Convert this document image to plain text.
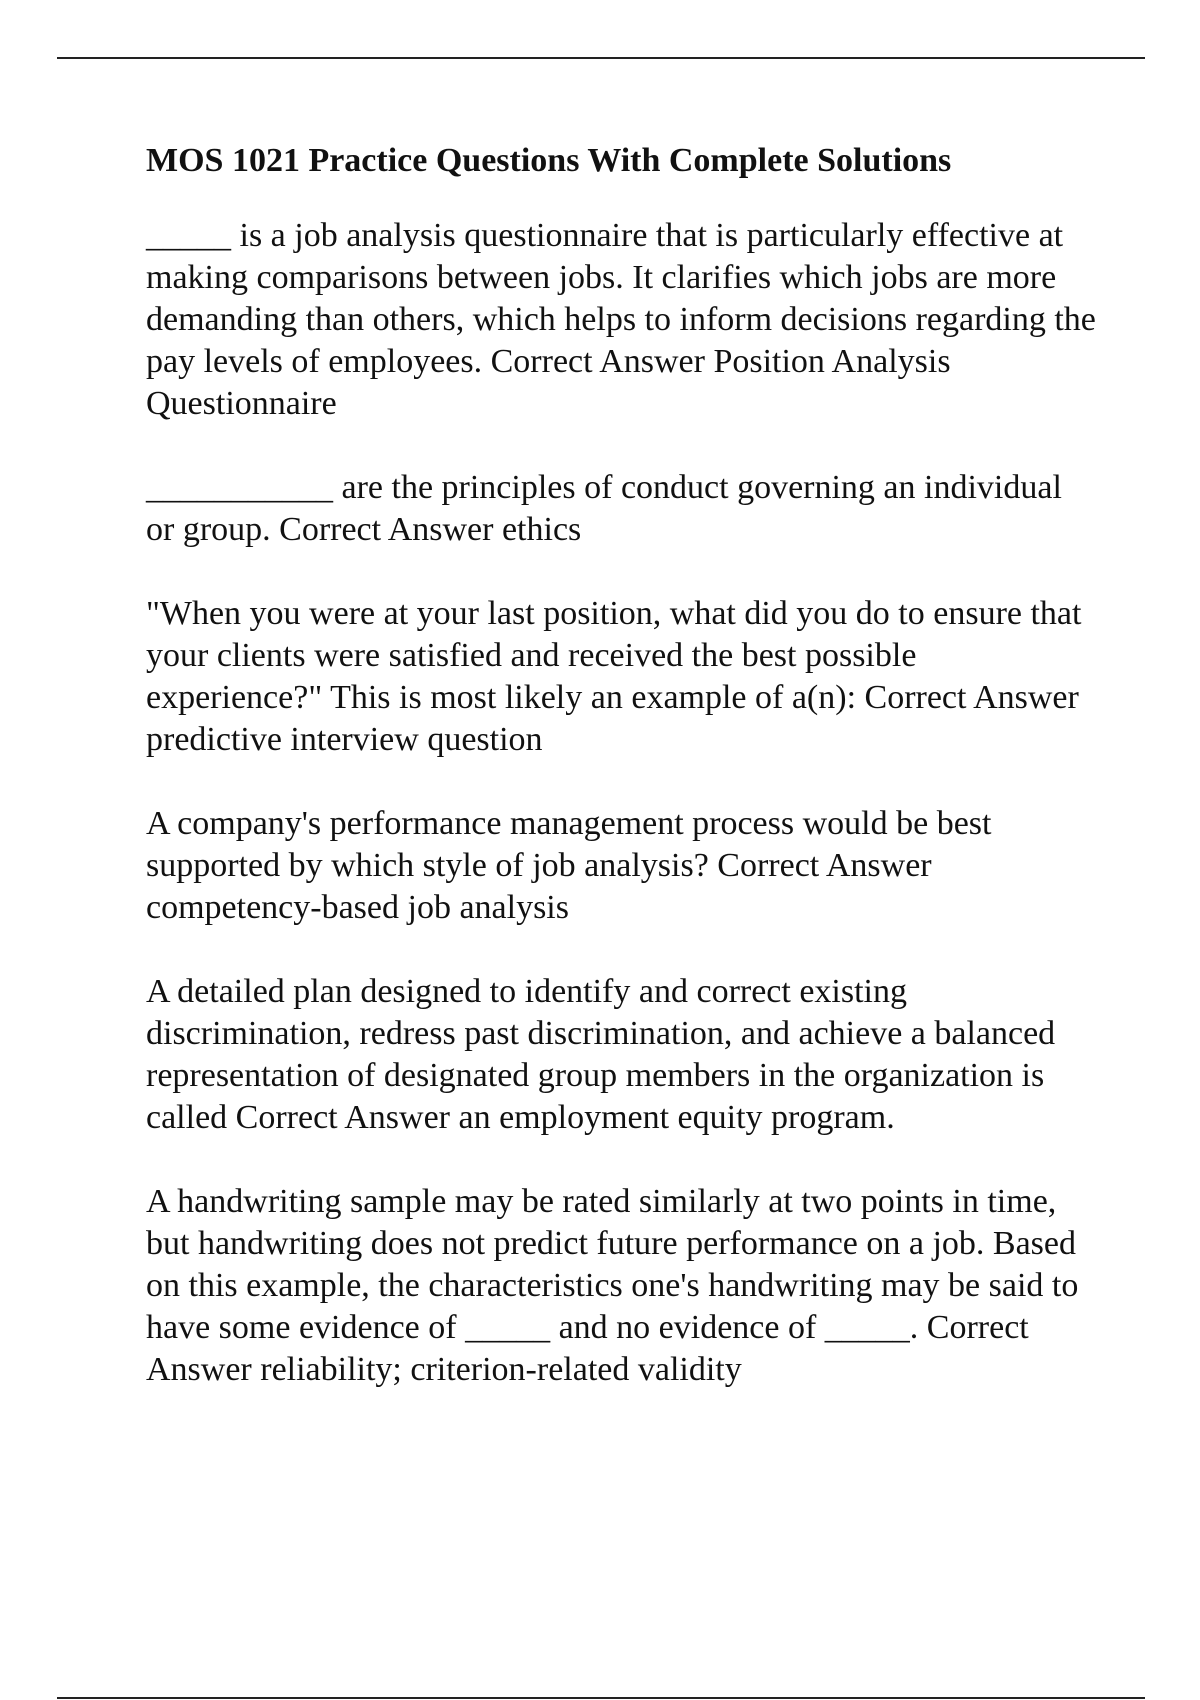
MOS 1021 Practice Questions With Complete Solutions

_____ is a job analysis questionnaire that is particularly effective at making comparisons between jobs. It clarifies which jobs are more demanding than others, which helps to inform decisions regarding the pay levels of employees. Correct Answer Position Analysis Questionnaire

___________ are the principles of conduct governing an individual or group. Correct Answer ethics

"When you were at your last position, what did you do to ensure that your clients were satisfied and received the best possible experience?" This is most likely an example of a(n): Correct Answer predictive interview question

A company's performance management process would be best supported by which style of job analysis? Correct Answer competency-based job analysis

A detailed plan designed to identify and correct existing discrimination, redress past discrimination, and achieve a balanced representation of designated group members in the organization is called Correct Answer an employment equity program.

A handwriting sample may be rated similarly at two points in time, but handwriting does not predict future performance on a job. Based on this example, the characteristics one's handwriting may be said to have some evidence of _____ and no evidence of _____. Correct Answer reliability; criterion-related validity
